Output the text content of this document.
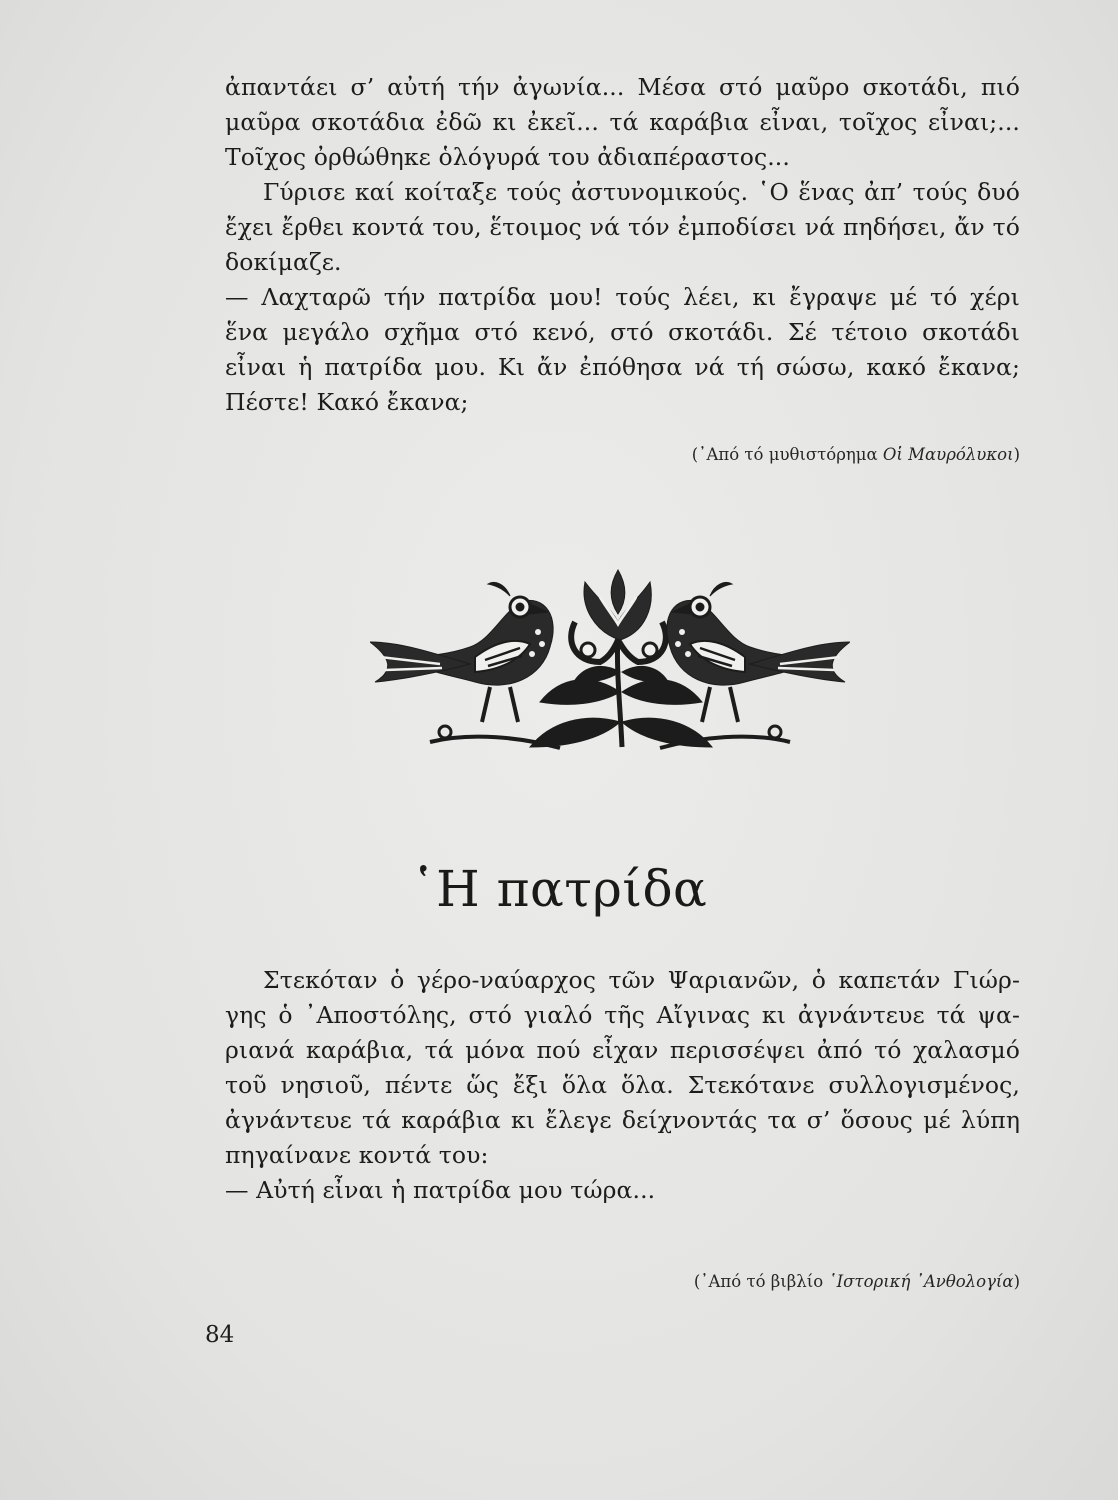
ἀπαντάει σ’ αὐτή τήν ἀγωνία... Μέσα στό μαῦρο σκοτάδι, πιό
μαῦρα σκοτάδια ἐδῶ κι ἐκεῖ... τά καράβια εἶναι, τοῖχος εἶναι;...
Τοῖχος ὀρθώθηκε ὁλόγυρά του ἀδιαπέραστος...
Γύρισε καί κοίταξε τούς ἀστυνομικούς. ῾Ο ἕνας ἀπ’ τούς δυό
ἔχει ἔρθει κοντά του, ἕτοιμος νά τόν ἐμποδίσει νά πηδήσει, ἄν τό
δοκίμαζε.
— Λαχταρῶ τήν πατρίδα μου! τούς λέει, κι ἔγραψε μέ τό χέρι
ἕνα μεγάλο σχῆμα στό κενό, στό σκοτάδι. Σέ τέτοιο σκοτάδι
εἶναι ἡ πατρίδα μου. Κι ἄν ἐπόθησα νά τή σώσω, κακό ἔκανα;
Πέστε! Κακό ἔκανα;
(᾿Από τό μυθιστόρημα Οἱ Μαυρόλυκοι)
῾Η πατρίδα
Στεκόταν ὁ γέρο-ναύαρχος τῶν Ψαριανῶν, ὁ καπετάν Γιώρ-
γης ὁ ᾿Αποστόλης, στό γιαλό τῆς Αἴγινας κι ἀγνάντευε τά ψα-
ριανά καράβια, τά μόνα πού εἶχαν περισσέψει ἀπό τό χαλασμό
τοῦ νησιοῦ, πέντε ὥς ἔξι ὅλα ὅλα. Στεκότανε συλλογισμένος,
ἀγνάντευε τά καράβια κι ἔλεγε δείχνοντάς τα σ’ ὅσους μέ λύπη
πηγαίνανε κοντά του:
— Αὐτή εἶναι ἡ πατρίδα μου τώρα...
(᾿Από τό βιβλίο ῾Ιστορική ᾿Ανθολογία)
84
